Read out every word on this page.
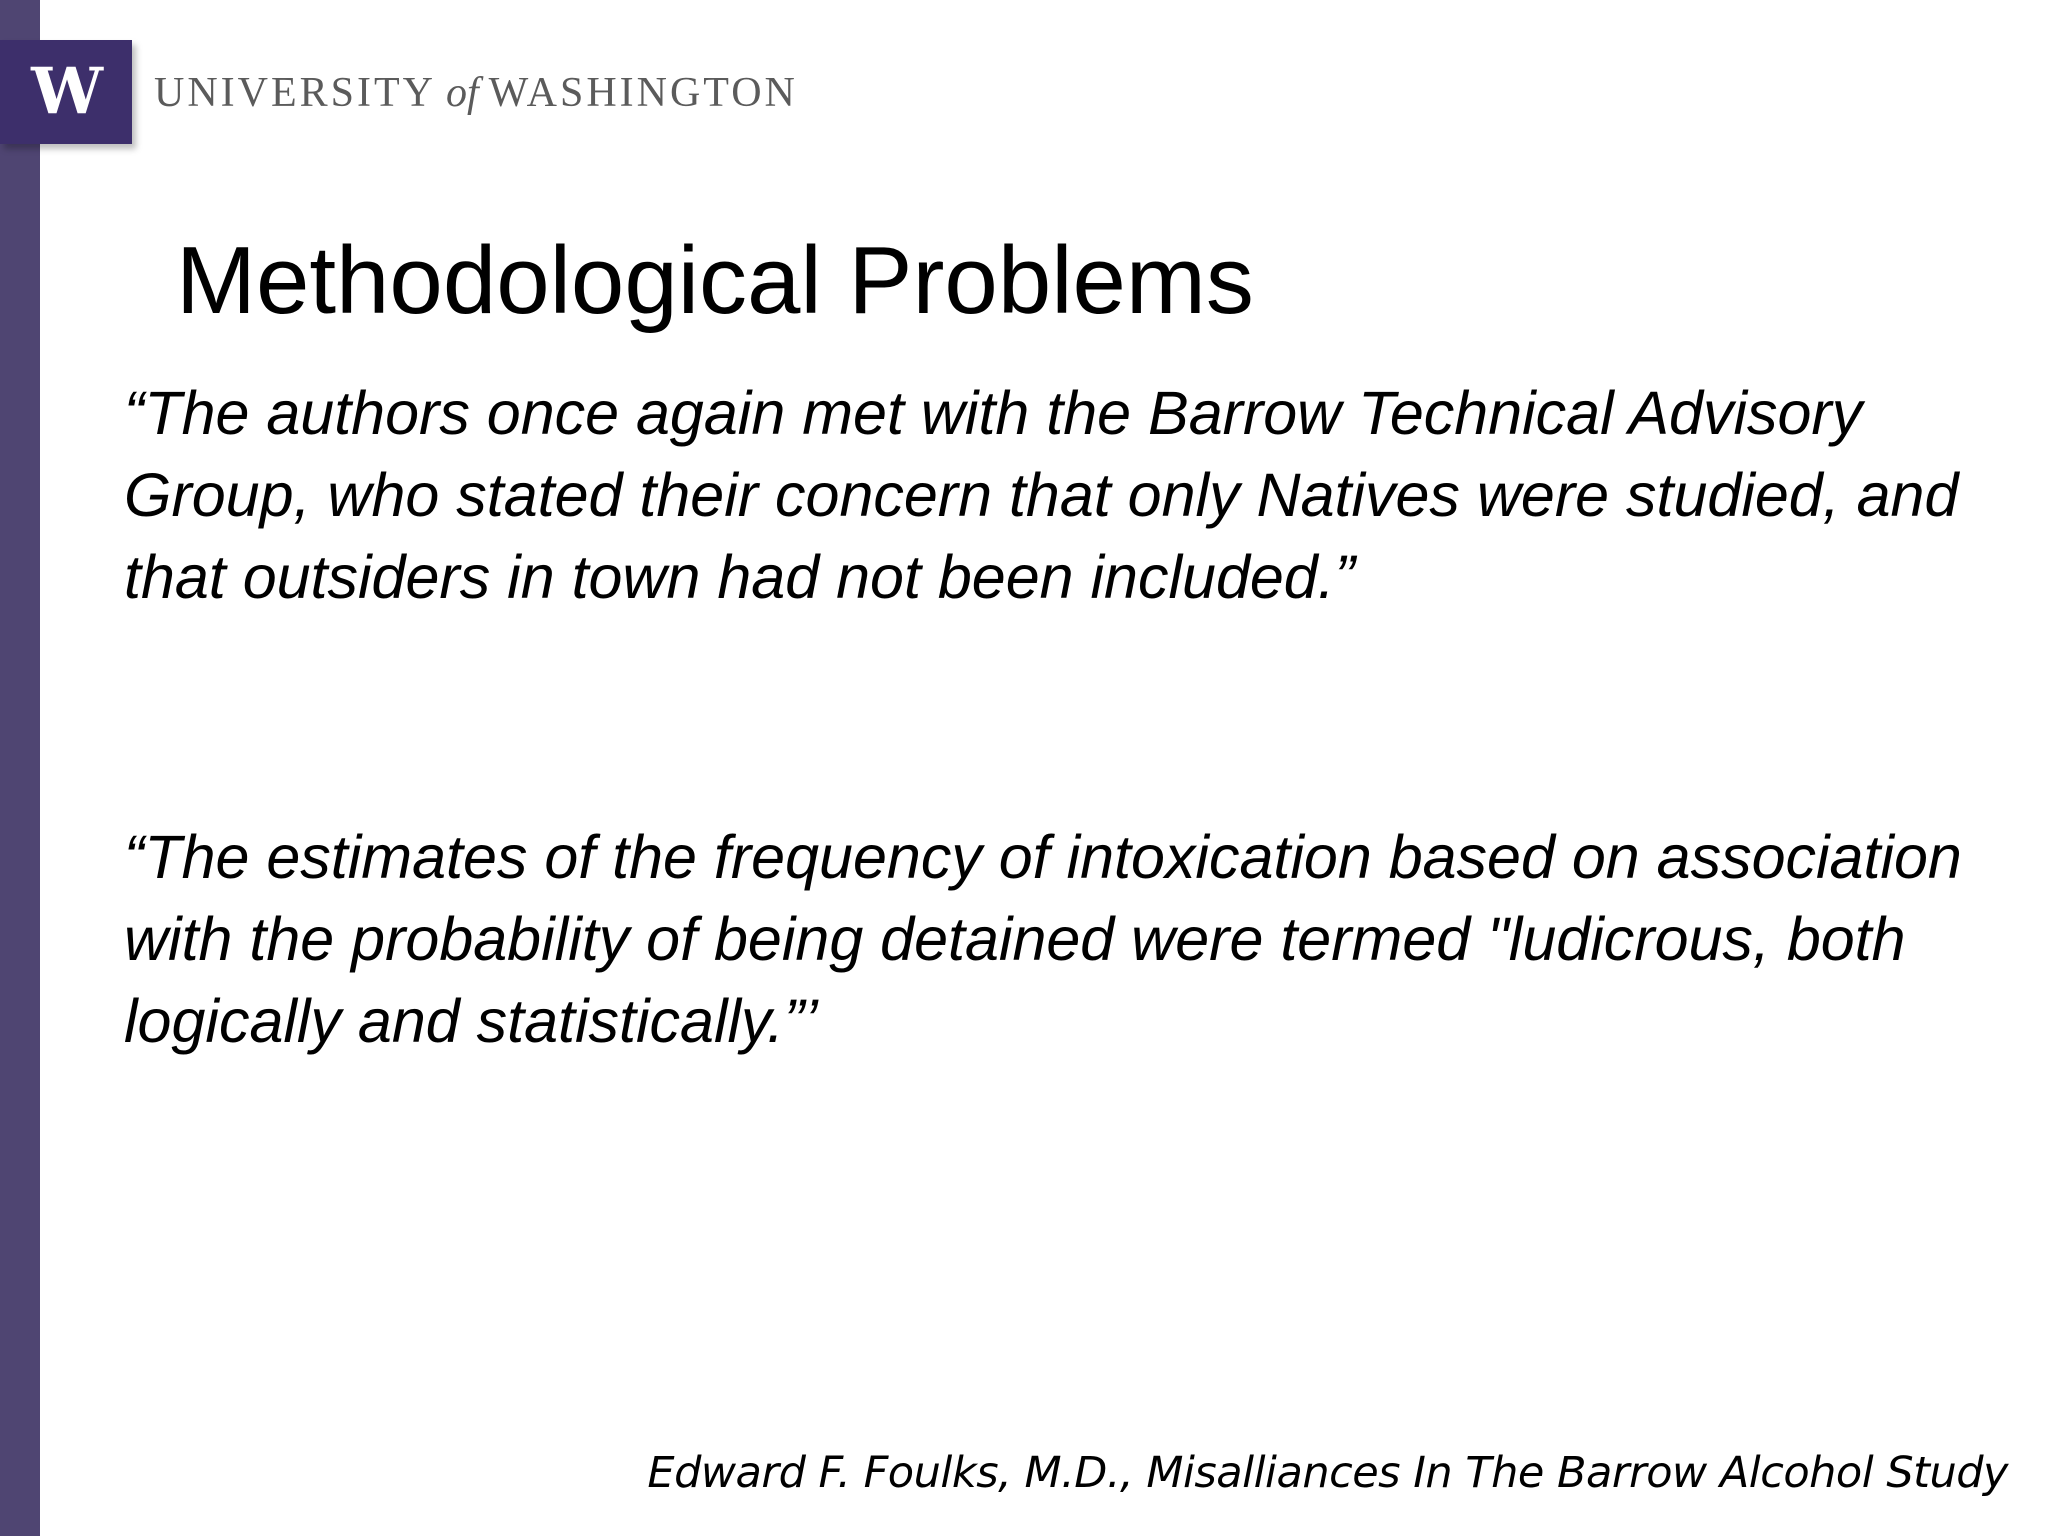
W UNIVERSITY of WASHINGTON
Methodological Problems

“The authors once again met with the Barrow Technical Advisory Group, who stated their concern that only Natives were studied, and that outsiders in town had not been included.”

“The estimates of the frequency of intoxication based on association with the probability of being detained were termed "ludicrous, both logically and statistically.”’

Edward F. Foulks, M.D., Misalliances In The Barrow Alcohol Study
